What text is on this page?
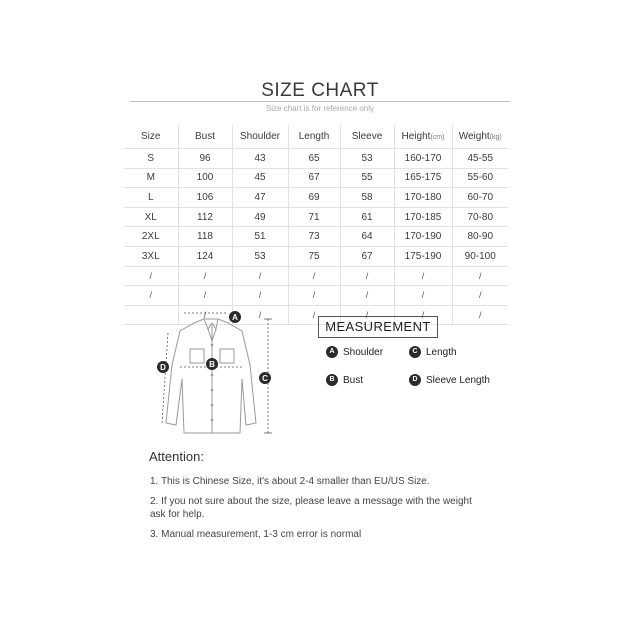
SIZE CHART
Size chart is for reference only
Size	Bust	Shoulder	Length	Sleeve	Height(cm)	Weight(kg)
S	96	43	65	53	160-170	45-55
M	100	45	67	55	165-175	55-60
L	106	47	69	58	170-180	60-70
XL	112	49	71	61	170-185	70-80
2XL	118	51	73	64	170-190	80-90
3XL	124	53	75	67	175-190	90-100
/	/	/	/	/	/	/
/	/	/	/	/	/	/
	/	/	/	/	/	/
A
B
C
D
MEASUREMENT
A Shoulder	C Length
B Bust	D Sleeve Length
Attention:
1. This is Chinese Size, it's about 2-4 smaller than EU/US Size.
2. If you not sure about the size, please leave a message with the weight ask for help.
3. Manual measurement, 1-3 cm error is normal
